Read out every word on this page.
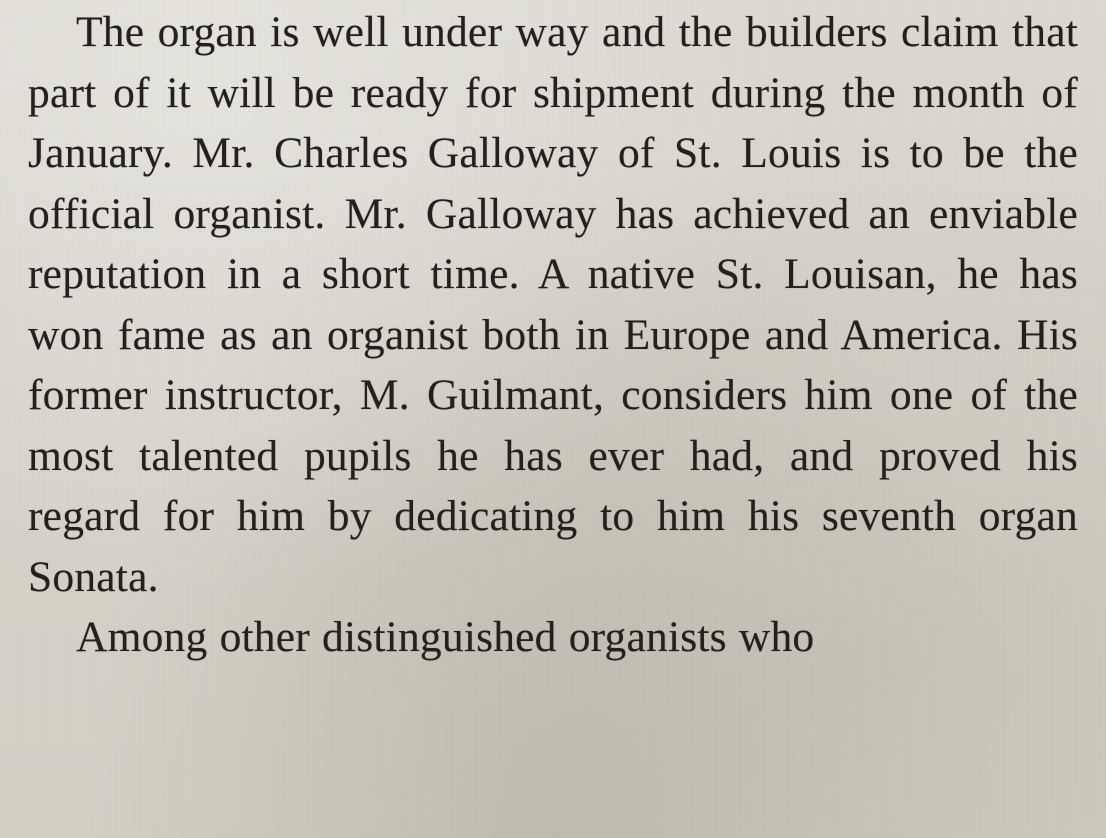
The organ is well under way and the builders claim that part of it will be ready for shipment during the month of January. Mr. Charles Galloway of St. Louis is to be the official organist. Mr. Galloway has achieved an enviable reputation in a short time. A native St. Louisan, he has won fame as an organist both in Europe and America. His former instructor, M. Guilmant, considers him one of the most talented pupils he has ever had, and proved his regard for him by dedicating to him his seventh organ Sonata.

Among other distinguished organists who
